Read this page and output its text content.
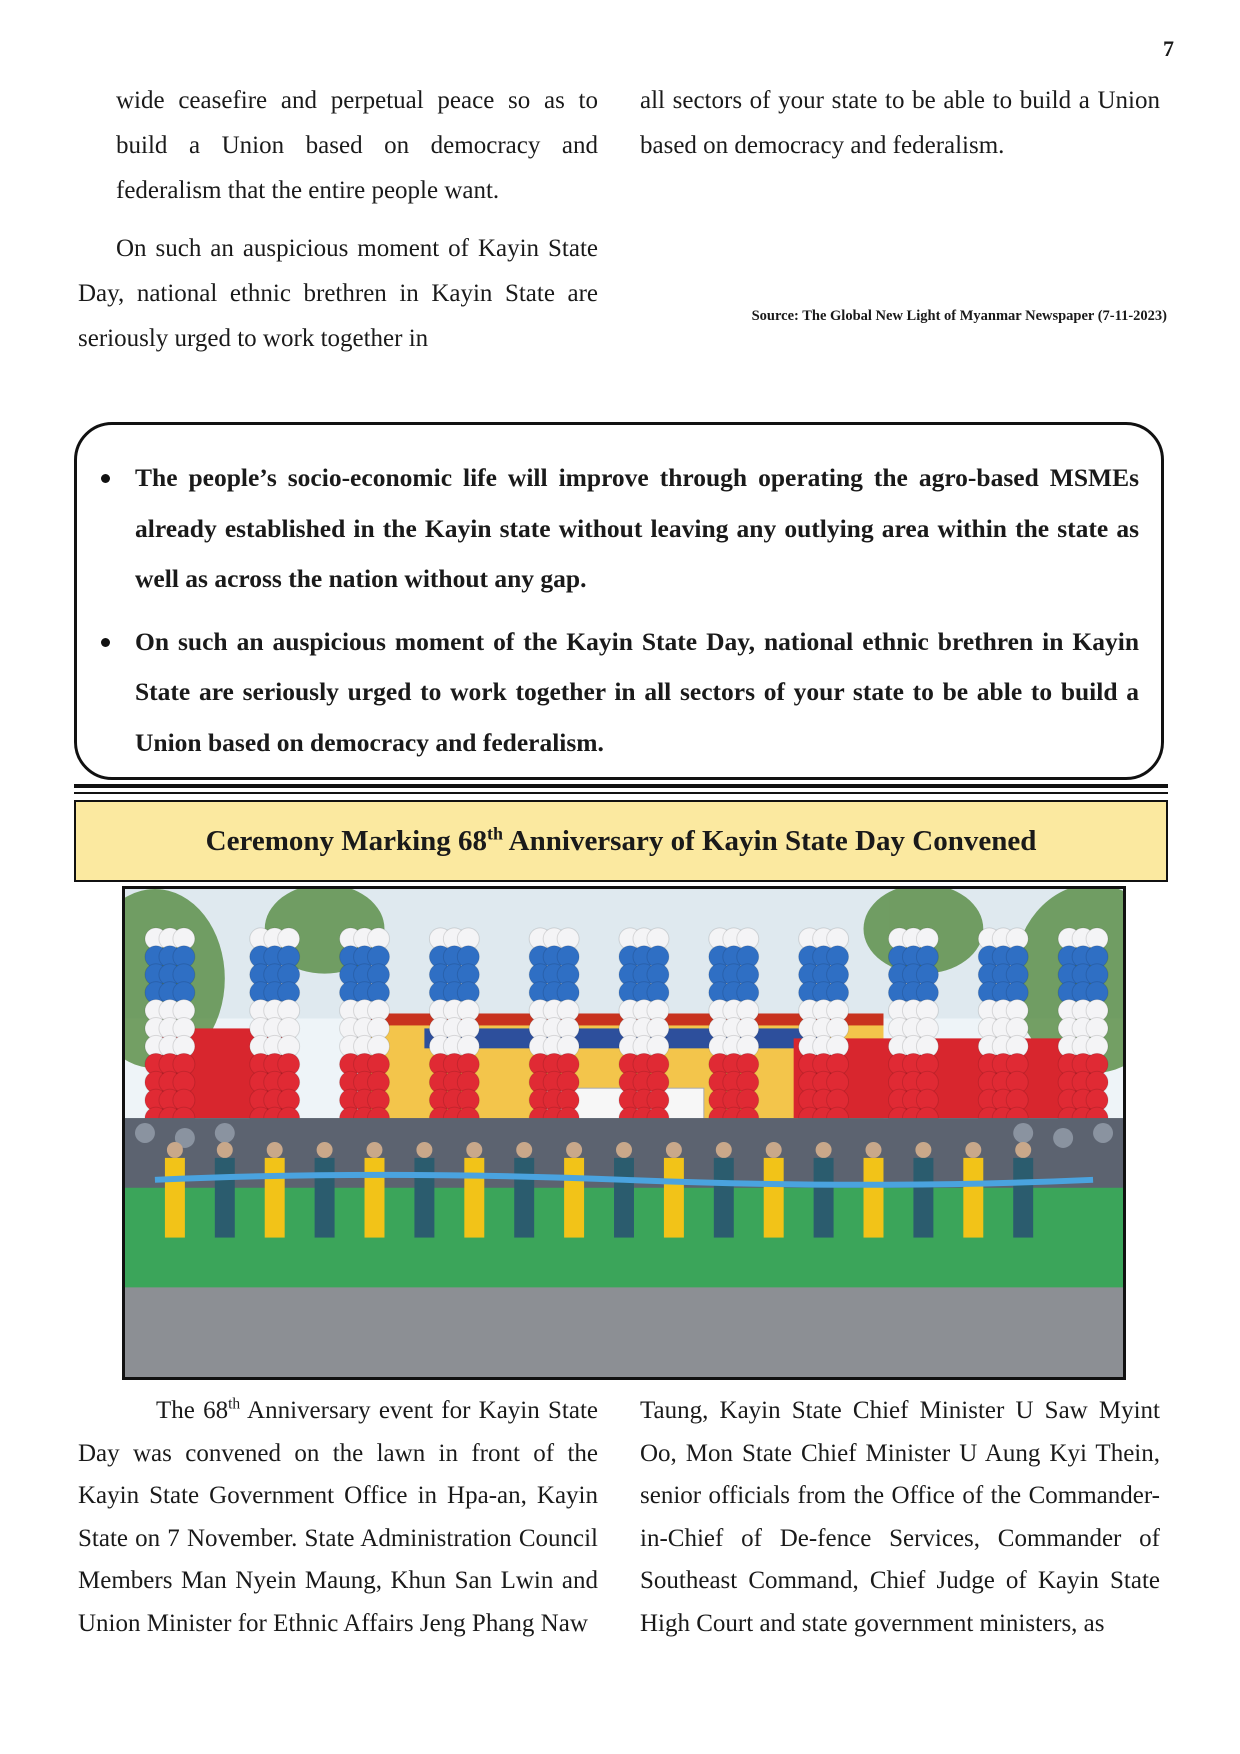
7

wide ceasefire and perpetual peace so as to build a Union based on democracy and federalism that the entire people want.

On such an auspicious moment of Kayin State Day, national ethnic brethren in Kayin State are seriously urged to work together in

all sectors of your state to be able to build a Union based on democracy and federalism.

Source: The Global New Light of Myanmar Newspaper (7-11-2023)
The people’s socio-economic life will improve through operating the agro-based MSMEs already established in the Kayin state without leaving any outlying area within the state as well as across the nation without any gap.
On such an auspicious moment of the Kayin State Day, national ethnic brethren in Kayin State are seriously urged to work together in all sectors of your state to be able to build a Union based on democracy and federalism.
Ceremony Marking 68th Anniversary of Kayin State Day Convened

The 68th Anniversary event for Kayin State Day was convened on the lawn in front of the Kayin State Government Office in Hpa-an, Kayin State on 7 November. State Administration Council Members Man Nyein Maung, Khun San Lwin and Union Minister for Ethnic Affairs Jeng Phang Naw

Taung, Kayin State Chief Minister U Saw Myint Oo, Mon State Chief Minister U Aung Kyi Thein, senior officials from the Office of the Commander-in-Chief of De-fence Services, Commander of Southeast Command, Chief Judge of Kayin State High Court and state government ministers, as
